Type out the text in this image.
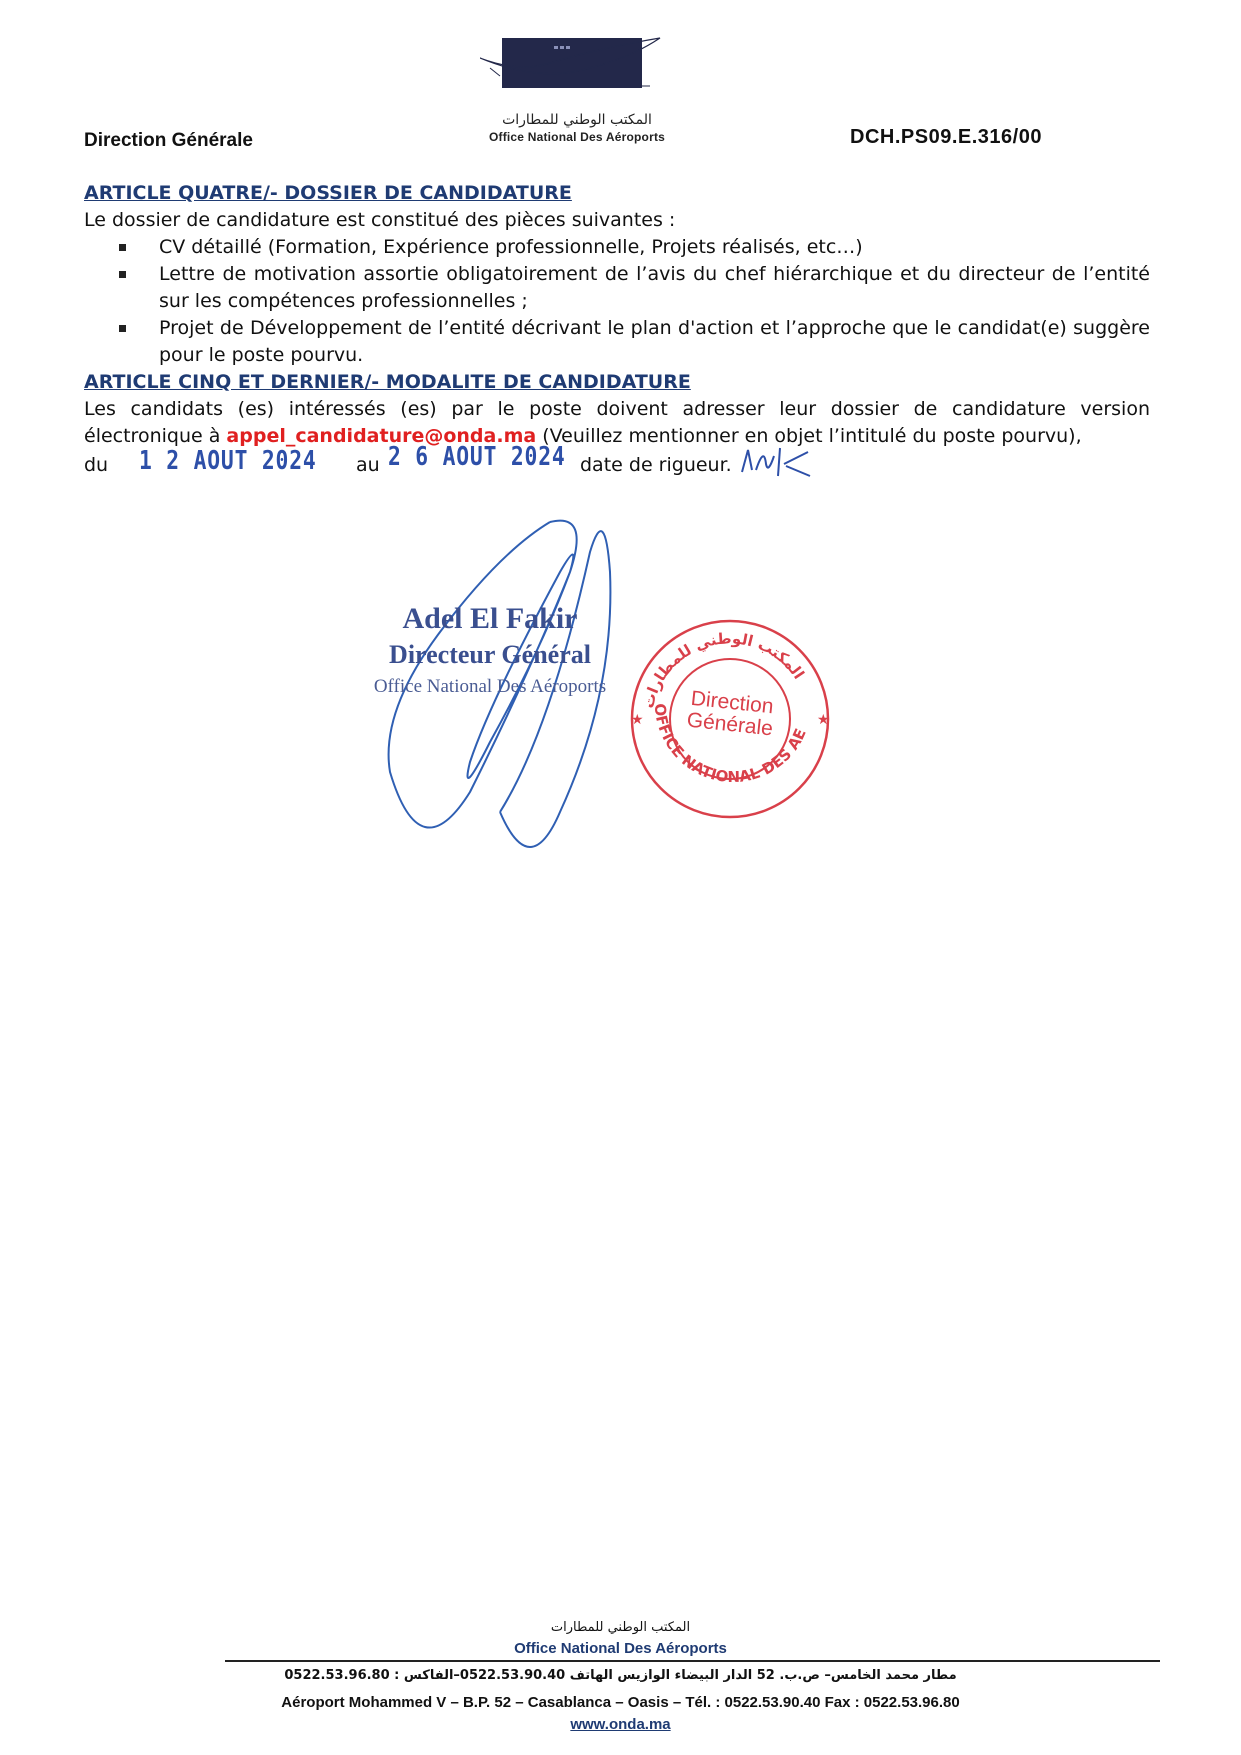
المكتب الوطني للمطارات
Office National Des Aéroports
Direction Générale	DCH.PS09.E.316/00
ARTICLE QUATRE/- DOSSIER DE CANDIDATURE
Le dossier de candidature est constitué des pièces suivantes :
CV détaillé (Formation, Expérience professionnelle, Projets réalisés, etc…)
Lettre de motivation assortie obligatoirement de l’avis du chef hiérarchique et du directeur de l’entité sur les compétences professionnelles ;
Projet de Développement de l’entité décrivant le plan d'action et l’approche que le candidat(e) suggère pour le poste pourvu.
ARTICLE CINQ ET DERNIER/- MODALITE DE CANDIDATURE
Les candidats (es) intéressés (es) par le poste doivent adresser leur dossier de candidature version électronique à appel_candidature@onda.ma (Veuillez mentionner en objet l’intitulé du poste pourvu),
du 1 2 AOUT 2024 au 2 6 AOUT 2024 date de rigueur.
Adel El Fakir
Directeur Général
Office National Des Aéroports
OFFICE NATIONAL DES AE
المكتب الوطني للمطارات
★	★
Direction Générale
المكتب الوطني للمطارات
Office National Des Aéroports
مطار محمد الخامس– ص.ب. 52 الدار البيضاء الوازيس الهاتف 0522.53.90.40–الفاكس : 0522.53.96.80
Aéroport Mohammed V – B.P. 52 – Casablanca – Oasis – Tél. : 0522.53.90.40 Fax : 0522.53.96.80
www.onda.ma
